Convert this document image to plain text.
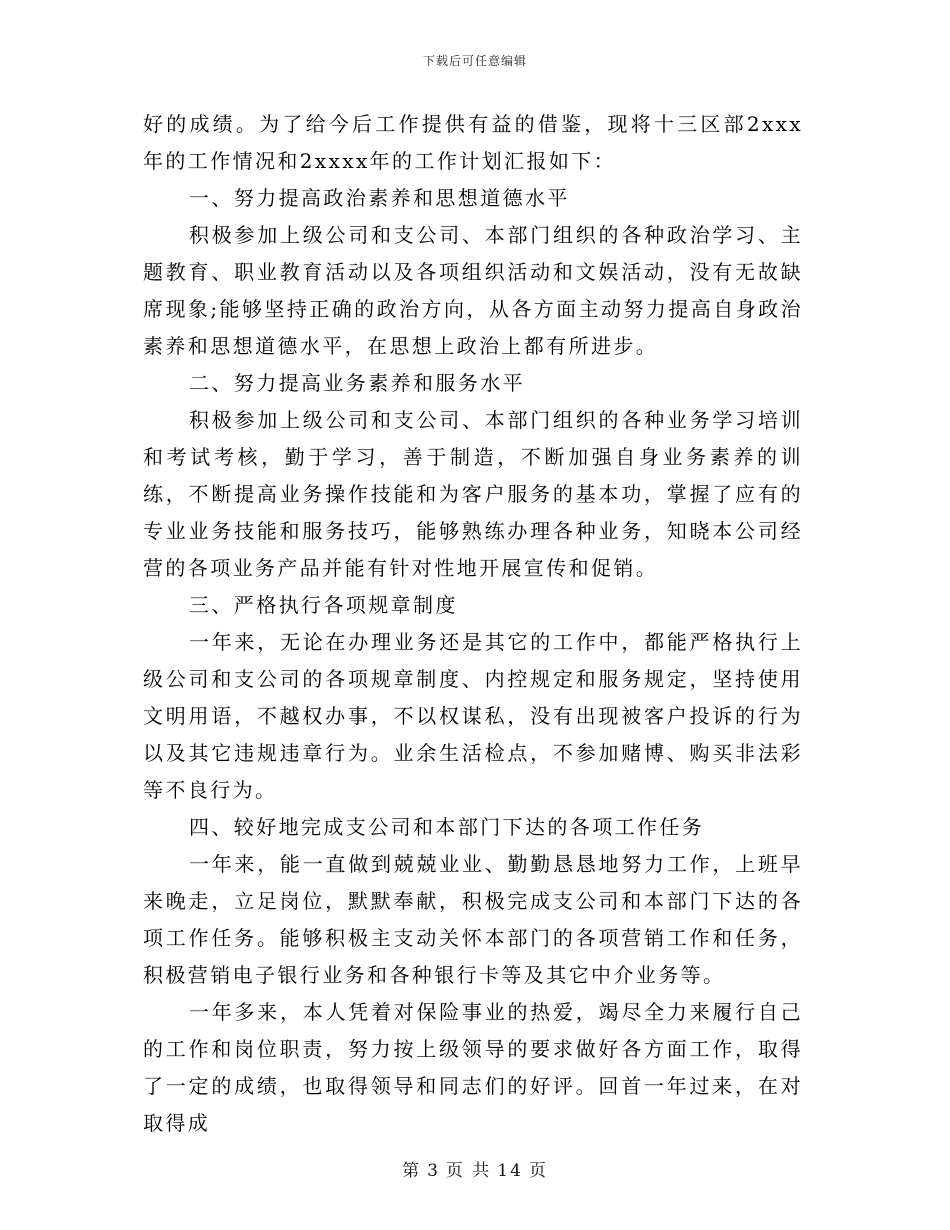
下载后可任意编辑

好的成绩。为了给今后工作提供有益的借鉴，现将十三区部2xxx年的工作情况和2xxxx年的工作计划汇报如下：

一、努力提高政治素养和思想道德水平

积极参加上级公司和支公司、本部门组织的各种政治学习、主题教育、职业教育活动以及各项组织活动和文娱活动，没有无故缺席现象;能够坚持正确的政治方向，从各方面主动努力提高自身政治素养和思想道德水平，在思想上政治上都有所进步。

二、努力提高业务素养和服务水平

积极参加上级公司和支公司、本部门组织的各种业务学习培训和考试考核，勤于学习，善于制造，不断加强自身业务素养的训练，不断提高业务操作技能和为客户服务的基本功，掌握了应有的专业业务技能和服务技巧，能够熟练办理各种业务，知晓本公司经营的各项业务产品并能有针对性地开展宣传和促销。

三、严格执行各项规章制度

一年来，无论在办理业务还是其它的工作中，都能严格执行上级公司和支公司的各项规章制度、内控规定和服务规定，坚持使用文明用语，不越权办事，不以权谋私，没有出现被客户投诉的行为以及其它违规违章行为。业余生活检点，不参加赌博、购买非法彩等不良行为。

四、较好地完成支公司和本部门下达的各项工作任务

一年来，能一直做到兢兢业业、勤勤恳恳地努力工作，上班早来晚走，立足岗位，默默奉献，积极完成支公司和本部门下达的各项工作任务。能够积极主支动关怀本部门的各项营销工作和任务，积极营销电子银行业务和各种银行卡等及其它中介业务等。

一年多来，本人凭着对保险事业的热爱，竭尽全力来履行自己的工作和岗位职责，努力按上级领导的要求做好各方面工作，取得了一定的成绩，也取得领导和同志们的好评。回首一年过来，在对取得成

第 3 页 共 14 页
